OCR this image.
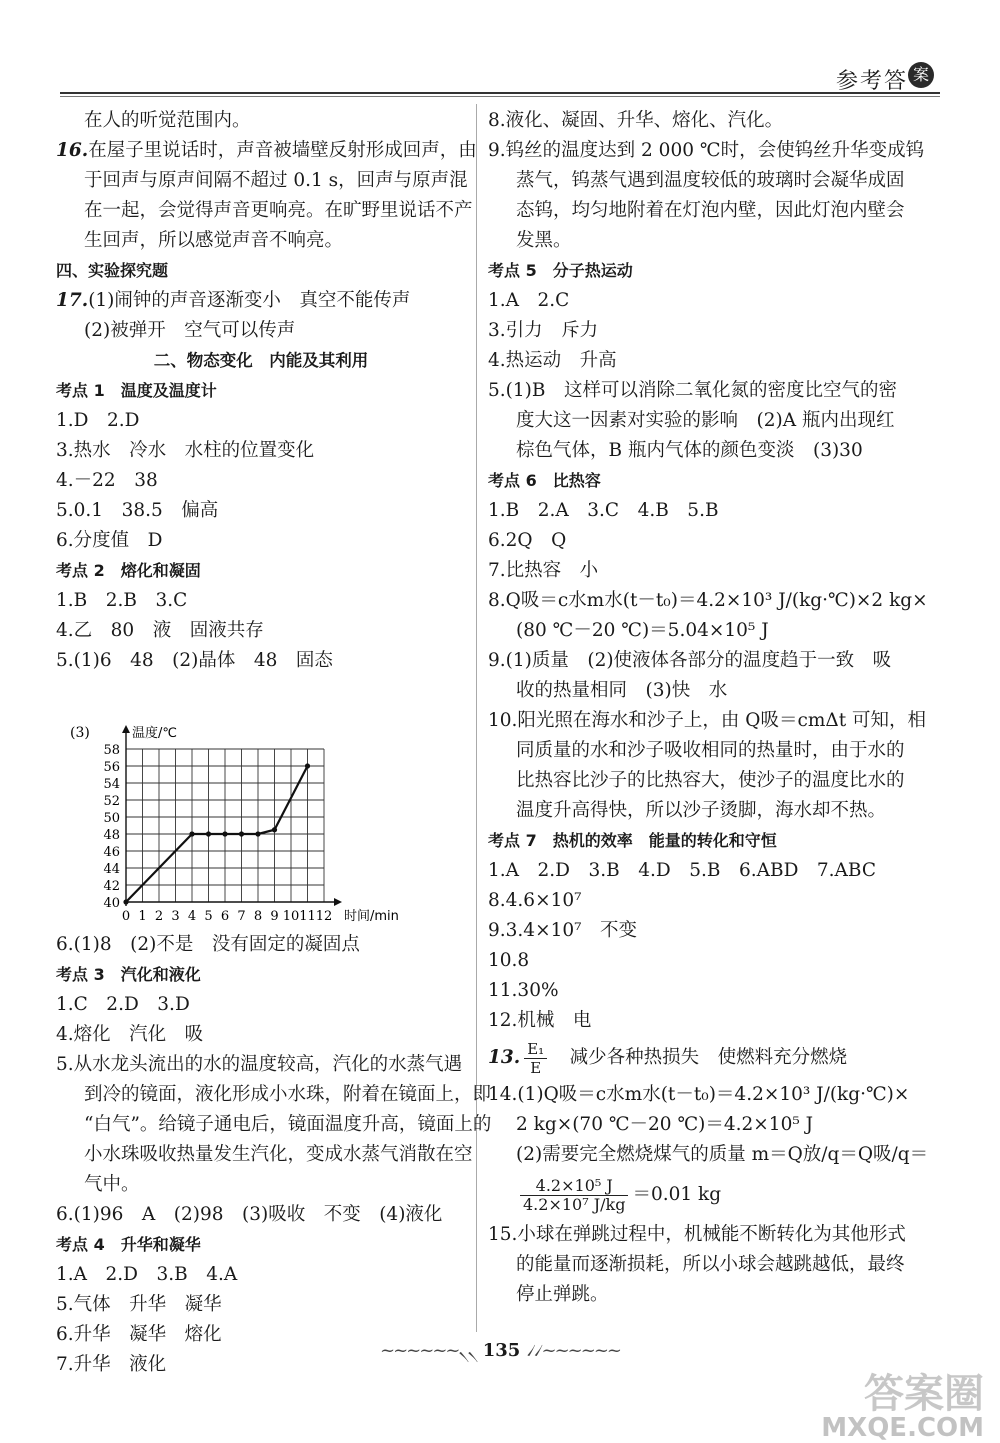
参考答 案
在人的听觉范围内。
16.在屋子里说话时，声音被墙壁反射形成回声，由
于回声与原声间隔不超过 0.1 s，回声与原声混
在一起，会觉得声音更响亮。在旷野里说话不产
生回声，所以感觉声音不响亮。
四、实验探究题
17.(1)闹钟的声音逐渐变小　真空不能传声
(2)被弹开　空气可以传声
二、物态变化　内能及其利用
考点 1　温度及温度计
1.D　2.D
3.热水　冷水　水柱的位置变化
4.－22　38
5.0.1　38.5　偏高
6.分度值　D
考点 2　熔化和凝固
1.B　2.B　3.C
4.乙　80　液　固液共存
5.(1)6　48　(2)晶体　48　固态
40
42
44
46
48
50
52
54
56
58
0 1 2 3 4 5 6 7 8 9 10 11 12
温度/℃
时间/min
(3)
6.(1)8　(2)不是　没有固定的凝固点
考点 3　汽化和液化
1.C　2.D　3.D
4.熔化　汽化　吸
5.从水龙头流出的水的温度较高，汽化的水蒸气遇
到冷的镜面，液化形成小水珠，附着在镜面上，即
“白气”。给镜子通电后，镜面温度升高，镜面上的
小水珠吸收热量发生汽化，变成水蒸气消散在空
气中。
6.(1)96　A　(2)98　(3)吸收　不变　(4)液化
考点 4　升华和凝华
1.A　2.D　3.B　4.A
5.气体　升华　凝华
6.升华　凝华　熔化
7.升华　液化
8.液化、凝固、升华、熔化、汽化。
9.钨丝的温度达到 2 000 ℃时，会使钨丝升华变成钨
蒸气，钨蒸气遇到温度较低的玻璃时会凝华成固
态钨，均匀地附着在灯泡内壁，因此灯泡内壁会
发黑。
考点 5　分子热运动
1.A　2.C
3.引力　斥力
4.热运动　升高
5.(1)B　这样可以消除二氧化氮的密度比空气的密
度大这一因素对实验的影响　(2)A 瓶内出现红
棕色气体，B 瓶内气体的颜色变淡　(3)30
考点 6　比热容
1.B　2.A　3.C　4.B　5.B
6.2Q　Q
7.比热容　小
8.Q吸＝c水m水(t－t₀)＝4.2×10³ J/(kg·℃)×2 kg×
(80 ℃－20 ℃)＝5.04×10⁵ J
9.(1)质量　(2)使液体各部分的温度趋于一致　吸
收的热量相同　(3)快　水
10.阳光照在海水和沙子上，由 Q吸＝cmΔt 可知，相
同质量的水和沙子吸收相同的热量时，由于水的
比热容比沙子的比热容大，使沙子的温度比水的
温度升高得快，所以沙子烫脚，海水却不热。
考点 7　热机的效率　能量的转化和守恒
1.A　2.D　3.B　4.D　5.B　6.ABD　7.ABC
8.4.6×10⁷
9.3.4×10⁷　不变
10.8
11.30%
12.机械　电
13. $\frac{\text{E₁}}{E}$
　 减少各种热损失　使燃料充分燃烧
14.(1)Q吸＝c水m水(t－t₀)＝4.2×10³ J/(kg·℃)×
2 kg×(70 ℃－20 ℃)＝4.2×10⁵ J
(2)需要完全燃烧煤气的质量 m＝Q放/q＝Q吸/q＝
$\frac{\text{4.2×10⁵ J}}{\text{4.2×10⁷ J/kg}} =0.01$ kg
15.小球在弹跳过程中，机械能不断转化为其他形式
的能量而逐渐损耗，所以小球会越跳越低，最终
停止弹跳。
~~~~~~৲৲ 135 ৴৴~~~~~~
答案圈
MXQE.COM
